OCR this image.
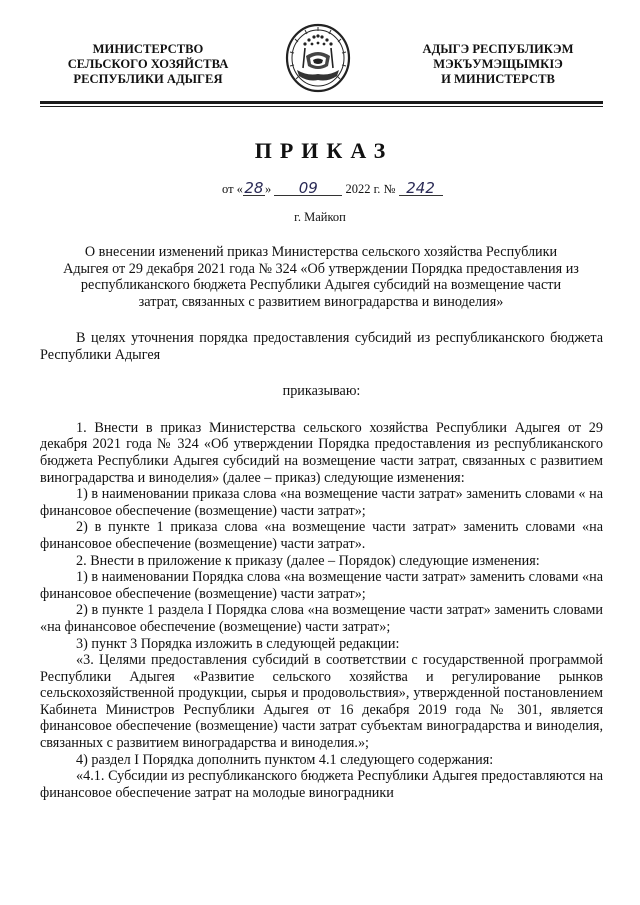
МИНИСТЕРСТВО
СЕЛЬСКОГО ХОЗЯЙСТВА
РЕСПУБЛИКИ АДЫГЕЯ
АДЫГЭ РЕСПУБЛИКЭМ
МЭКЪУМЭЩЫМКIЭ
И МИНИСТЕРСТВ
ПРИКАЗ
от «28» 09 2022 г. № 242
г. Майкоп
О внесении изменений приказ Министерства сельского хозяйства Республики
Адыгея от 29 декабря 2021 года № 324 «Об утверждении Порядка предоставления из
республиканского бюджета Республики Адыгея субсидий на возмещение части
затрат, связанных с развитием виноградарства и виноделия»

В целях уточнения порядка предоставления субсидий из республиканского бюджета Республики Адыгея

приказываю:

1. Внести в приказ Министерства сельского хозяйства Республики Адыгея от 29 декабря 2021 года № 324 «Об утверждении Порядка предоставления из республиканского бюджета Республики Адыгея субсидий на возмещение части затрат, связанных с развитием виноградарства и виноделия» (далее – приказ) следующие изменения:

1) в наименовании приказа слова «на возмещение части затрат» заменить словами « на финансовое обеспечение (возмещение) части затрат»;

2) в пункте 1 приказа слова «на возмещение части затрат» заменить словами «на финансовое обеспечение (возмещение) части затрат».

2. Внести в приложение к приказу (далее – Порядок) следующие изменения:

1) в наименовании Порядка слова «на возмещение части затрат» заменить словами «на финансовое обеспечение (возмещение) части затрат»;

2) в пункте 1 раздела I Порядка слова «на возмещение части затрат» заменить словами «на финансовое обеспечение (возмещение) части затрат»;

3) пункт 3 Порядка изложить в следующей редакции:

«3. Целями предоставления субсидий в соответствии с государственной программой Республики Адыгея «Развитие сельского хозяйства и регулирование рынков сельскохозяйственной продукции, сырья и продовольствия», утвержденной постановлением Кабинета Министров Республики Адыгея от 16 декабря 2019 года № 301, является финансовое обеспечение (возмещение) части затрат субъектам виноградарства и виноделия, связанных с развитием виноградарства и виноделия.»;

4) раздел I Порядка дополнить пунктом 4.1 следующего содержания:

«4.1. Субсидии из республиканского бюджета Республики Адыгея предоставляются на финансовое обеспечение затрат на молодые виноградники
